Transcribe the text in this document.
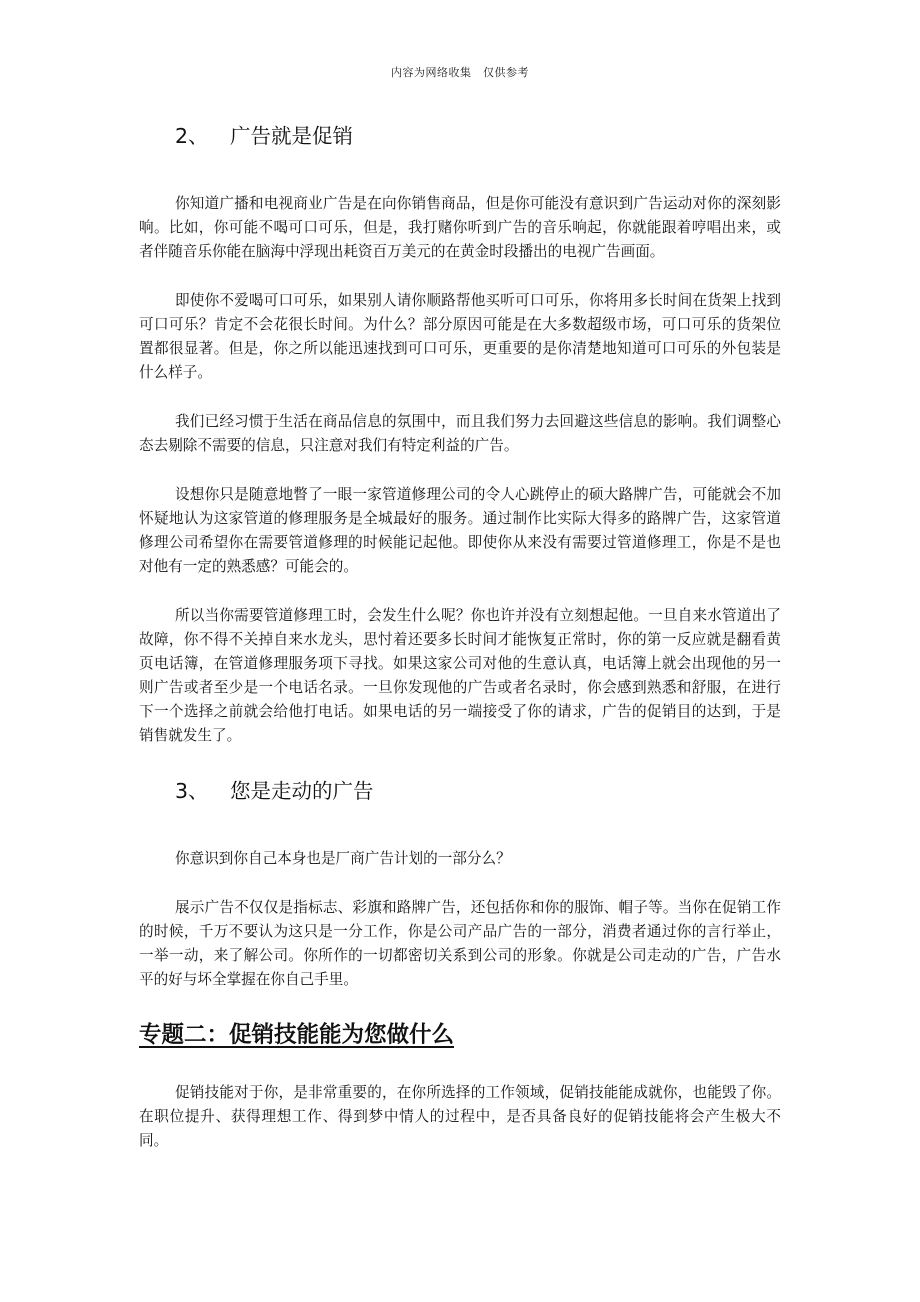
内容为网络收集　仅供参考
2、 广告就是促销

你知道广播和电视商业广告是在向你销售商品，但是你可能没有意识到广告运动对你的深刻影响。比如，你可能不喝可口可乐，但是，我打赌你听到广告的音乐响起，你就能跟着哼唱出来，或者伴随音乐你能在脑海中浮现出耗资百万美元的在黄金时段播出的电视广告画面。

即使你不爱喝可口可乐，如果别人请你顺路帮他买听可口可乐，你将用多长时间在货架上找到可口可乐？肯定不会花很长时间。为什么？部分原因可能是在大多数超级市场，可口可乐的货架位置都很显著。但是，你之所以能迅速找到可口可乐，更重要的是你清楚地知道可口可乐的外包装是什么样子。

我们已经习惯于生活在商品信息的氛围中，而且我们努力去回避这些信息的影响。我们调整心态去剔除不需要的信息，只注意对我们有特定利益的广告。

设想你只是随意地瞥了一眼一家管道修理公司的令人心跳停止的硕大路牌广告，可能就会不加怀疑地认为这家管道的修理服务是全城最好的服务。通过制作比实际大得多的路牌广告，这家管道修理公司希望你在需要管道修理的时候能记起他。即使你从来没有需要过管道修理工，你是不是也对他有一定的熟悉感？可能会的。

所以当你需要管道修理工时，会发生什么呢？你也许并没有立刻想起他。一旦自来水管道出了故障，你不得不关掉自来水龙头，思忖着还要多长时间才能恢复正常时，你的第一反应就是翻看黄页电话簿，在管道修理服务项下寻找。如果这家公司对他的生意认真，电话簿上就会出现他的另一则广告或者至少是一个电话名录。一旦你发现他的广告或者名录时，你会感到熟悉和舒服，在进行下一个选择之前就会给他打电话。如果电话的另一端接受了你的请求，广告的促销目的达到，于是销售就发生了。

3、 您是走动的广告

你意识到你自己本身也是厂商广告计划的一部分么？

展示广告不仅仅是指标志、彩旗和路牌广告，还包括你和你的服饰、帽子等。当你在促销工作的时候，千万不要认为这只是一分工作，你是公司产品广告的一部分，消费者通过你的言行举止，一举一动，来了解公司。你所作的一切都密切关系到公司的形象。你就是公司走动的广告，广告水平的好与坏全掌握在你自己手里。

专题二：促销技能能为您做什么

促销技能对于你，是非常重要的，在你所选择的工作领域，促销技能能成就你，也能毁了你。在职位提升、获得理想工作、得到梦中情人的过程中，是否具备良好的促销技能将会产生极大不同。
